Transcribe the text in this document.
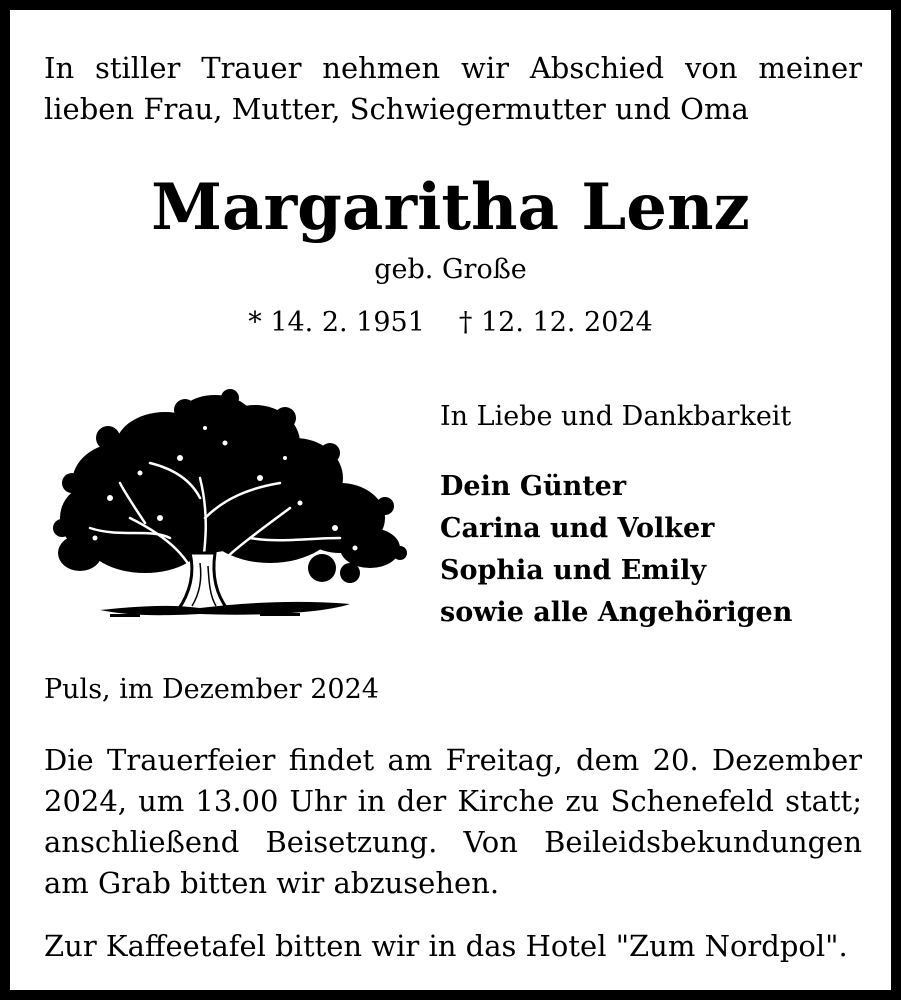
In stiller Trauer nehmen wir Abschied von meiner
lieben Frau, Mutter, Schwiegermutter und Oma
Margaritha Lenz
geb. Große
* 14. 2. 1951 † 12. 12. 2024
In Liebe und Dankbarkeit
Dein Günter
Carina und Volker
Sophia und Emily
sowie alle Angehörigen
Puls, im Dezember 2024
Die Trauerfeier findet am Freitag, dem 20. Dezember
2024, um 13.00 Uhr in der Kirche zu Schenefeld statt;
anschließend Beisetzung. Von Beileidsbekundungen
am Grab bitten wir abzusehen.
Zur Kaffeetafel bitten wir in das Hotel "Zum Nordpol".
